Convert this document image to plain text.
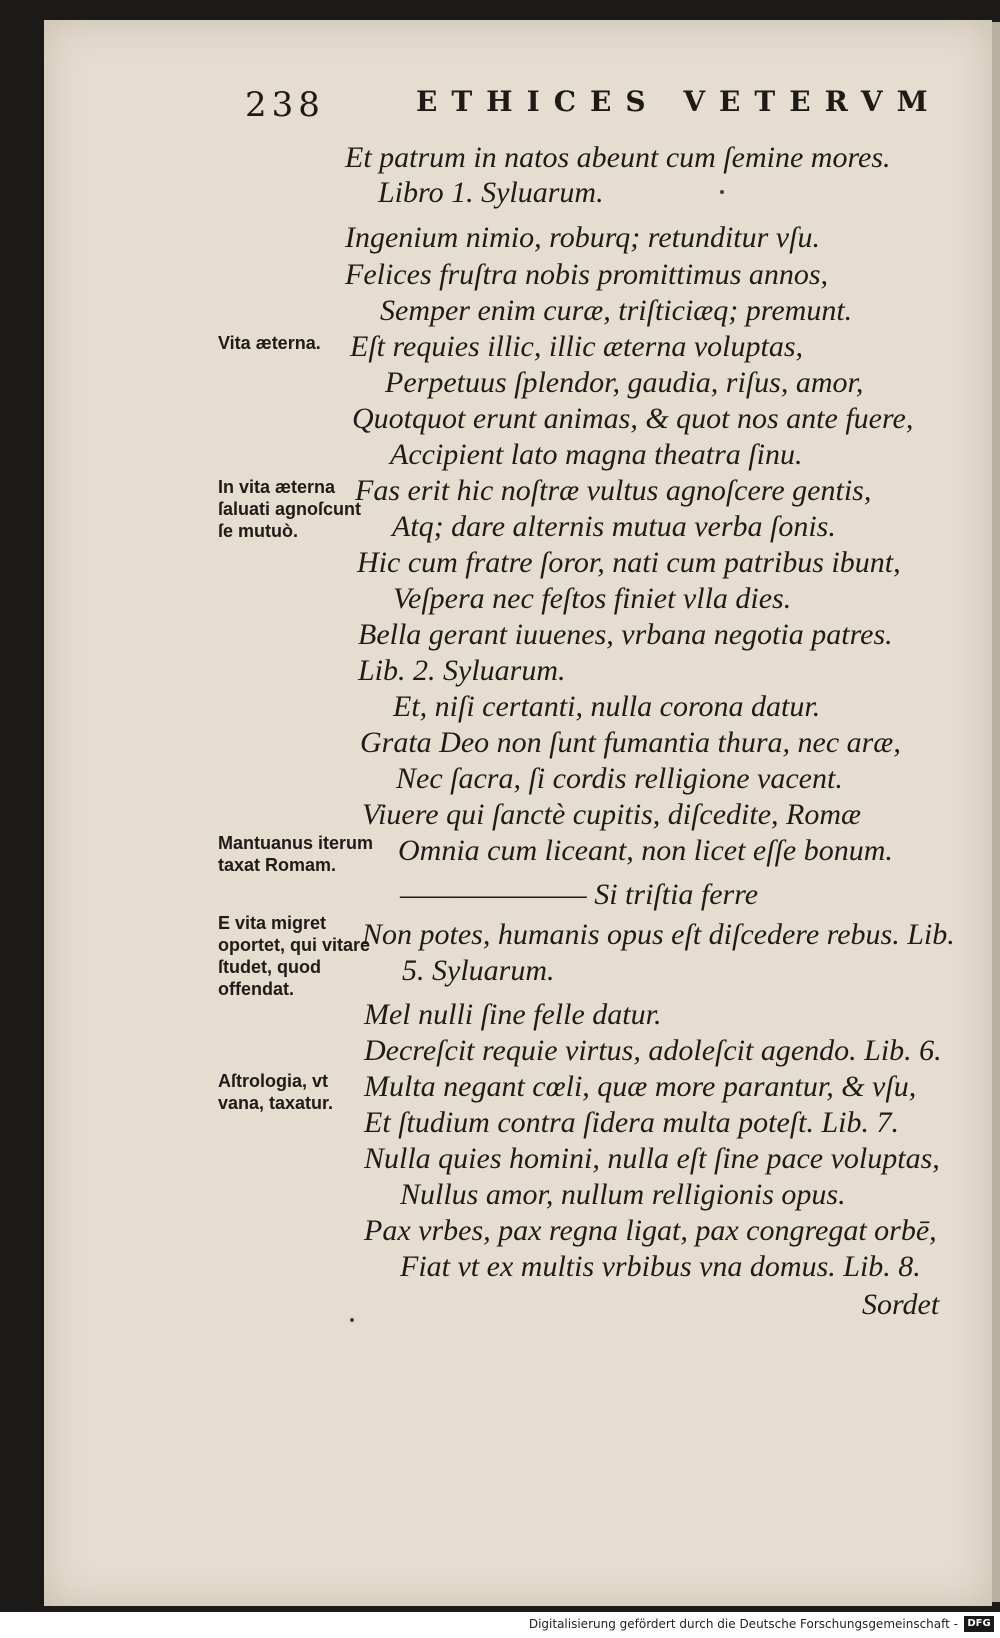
238	ETHICES VETERVM
Et patrum in natos abeunt cum ſemine mores.
Libro 1. Syluarum.
Ingenium nimio, roburq; retunditur vſu.
Felices fruſtra nobis promittimus annos,
Semper enim curæ, triſticiæq; premunt.
Eſt requies illic, illic æterna voluptas,
Perpetuus ſplendor, gaudia, riſus, amor,
Quotquot erunt animas, & quot nos ante fuere,
Accipient lato magna theatra ſinu.
Fas erit hic noſtræ vultus agnoſcere gentis,
Atq; dare alternis mutua verba ſonis.
Hic cum fratre ſoror, nati cum patribus ibunt,
Veſpera nec feſtos finiet vlla dies.
Bella gerant iuuenes, vrbana negotia patres.
Lib. 2. Syluarum.
Et, niſi certanti, nulla corona datur.
Grata Deo non ſunt fumantia thura, nec aræ,
Nec ſacra, ſi cordis relligione vacent.
Viuere qui ſanctè cupitis, diſcedite, Romæ
Omnia cum liceant, non licet eſſe bonum.
——————— Si triſtia ferre
Non potes, humanis opus eſt diſcedere rebus. Lib.
5. Syluarum.
Mel nulli ſine felle datur.
Decreſcit requie virtus, adoleſcit agendo. Lib. 6.
Multa negant cœli, quæ more parantur, & vſu,
Et ſtudium contra ſidera multa poteſt. Lib. 7.
Nulla quies homini, nulla eſt ſine pace voluptas,
Nullus amor, nullum relligionis opus.
Pax vrbes, pax regna ligat, pax congregat orbē,
Fiat vt ex multis vrbibus vna domus. Lib. 8.
Sordet
Vita æterna.
In vita æterna ſaluati agnoſcunt ſe mutuò.
Mantuanus iterum taxat Romam.
E vita migret oportet, qui vitare ſtudet, quod offendat.
Aſtrologia, vt vana, taxatur.
Digitalisierung gefördert durch die Deutsche Forschungsgemeinschaft - DFG
